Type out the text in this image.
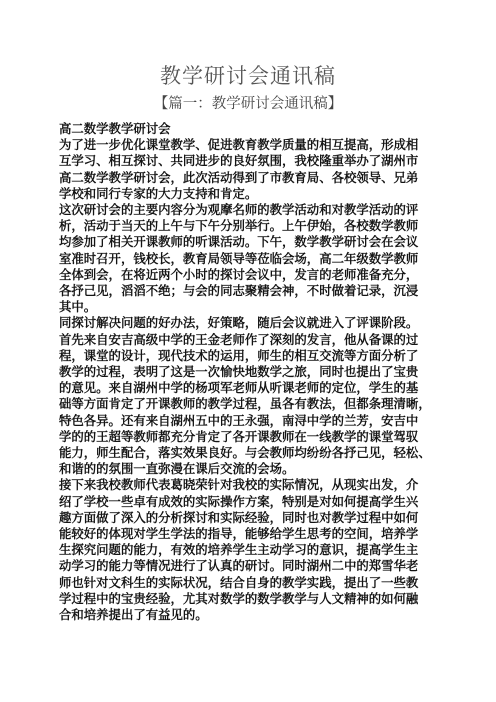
教学研讨会通讯稿
【篇一：教学研讨会通讯稿】
高二数学教学研讨会
为了进一步优化课堂教学、促进教育教学质量的相互提高，形成相
互学习、相互探讨、共同进步的良好氛围，我校隆重举办了湖州市
高二数学教学研讨会，此次活动得到了市教育局、各校领导、兄弟
学校和同行专家的大力支持和肯定。
这次研讨会的主要内容分为观摩名师的教学活动和对教学活动的评
析，活动于当天的上午与下午分别举行。上午伊始，各校数学教师
均参加了相关开课教师的听课活动。下午，数学教学研讨会在会议
室准时召开，钱校长，教育局领导等莅临会场，高二年级数学教师
全体到会，在将近两个小时的探讨会议中，发言的老师准备充分，
各抒己见，滔滔不绝；与会的同志聚精会神，不时做着记录，沉浸
其中。
同探讨解决问题的好办法，好策略，随后会议就进入了评课阶段。
首先来自安吉高级中学的王金老师作了深刻的发言，他从备课的过
程，课堂的设计，现代技术的运用，师生的相互交流等方面分析了
教学的过程，表明了这是一次愉快地数学之旅，同时也提出了宝贵
的意见。来自湖州中学的杨项军老师从听课老师的定位，学生的基
础等方面肯定了开课教师的教学过程，虽各有教法，但都条理清晰，
特色各异。还有来自湖州五中的王永强，南浔中学的兰芳，安吉中
学的的王超等教师都充分肯定了各开课教师在一线教学的课堂驾驭
能力，师生配合，落实效果良好。与会教师均纷纷各抒己见，轻松、
和谐的的氛围一直弥漫在课后交流的会场。
接下来我校教师代表葛晓荣针对我校的实际情况，从现实出发，介
绍了学校一些卓有成效的实际操作方案，特别是对如何提高学生兴
趣方面做了深入的分析探讨和实际经验，同时也对教学过程中如何
能较好的体现对学生学法的指导，能够给学生思考的空间，培养学
生探究问题的能力，有效的培养学生主动学习的意识，提高学生主
动学习的能力等情况进行了认真的研讨。同时湖州二中的郑雪华老
师也针对文科生的实际状况，结合自身的教学实践，提出了一些教
学过程中的宝贵经验，尤其对数学的数学教学与人文精神的如何融
合和培养提出了有益见的。
